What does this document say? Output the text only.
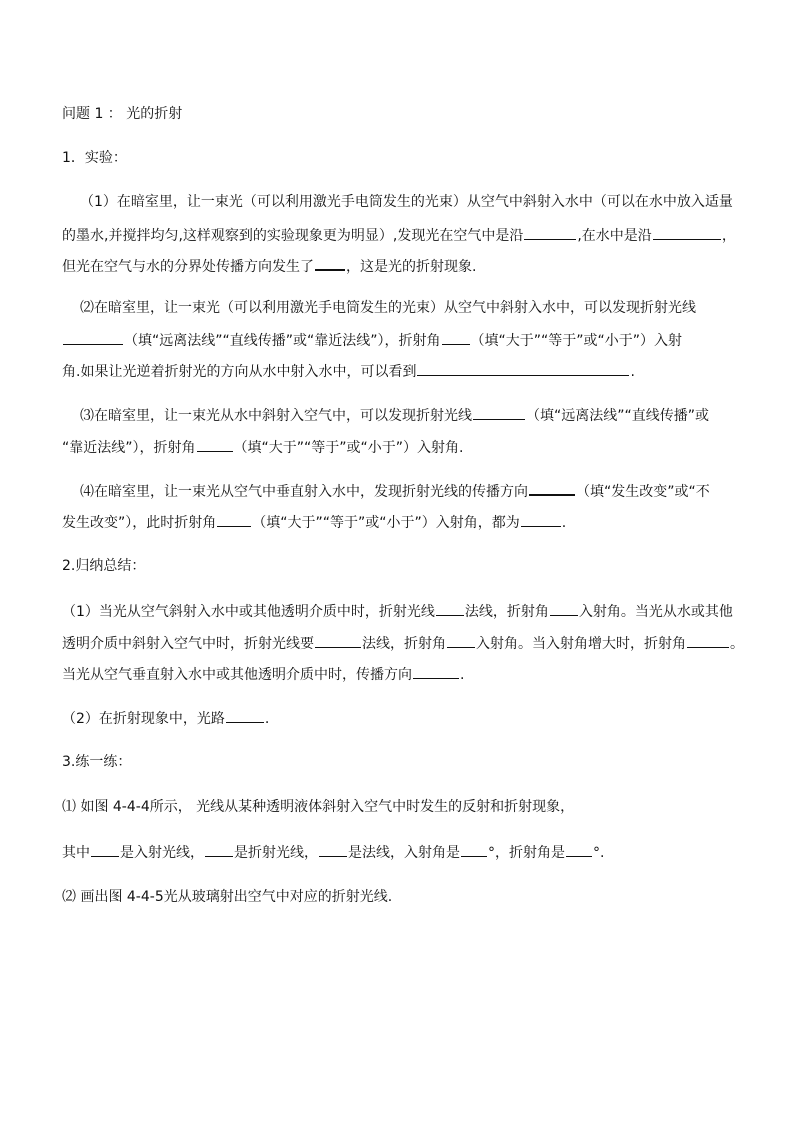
问题 1 ： 光的折射
1．实验：
（1）在暗室里，让一束光（可以利用激光手电筒发生的光束）从空气中斜射入水中（可以在水中放入适量
的墨水,并搅拌均匀,这样观察到的实验现象更为明显）,发现光在空气中是沿	,在水中是沿	，
但光在空气与水的分界处传播方向发生了 ，这是光的折射现象.
⑵在暗室里，让一束光（可以利用激光手电筒发生的光束）从空气中斜射入水中，可以发现折射光线
（填“远离法线”“直线传播”或“靠近法线”），折射角 （填“大于”“等于”或“小于”）入射
角.如果让光逆着折射光的方向从水中射入水中，可以看到	.
⑶在暗室里，让一束光从水中斜射入空气中，可以发现折射光线	（填“远离法线”“直线传播”或
“靠近法线”），折射角	（填“大于”“等于”或“小于”）入射角.
⑷在暗室里，让一束光从空气中垂直射入水中，发现折射光线的传播方向	（填“发生改变”或“不
发生改变”），此时折射角	（填“大于”“等于”或“小于”）入射角，都为	.
2.归纳总结：
（1）当光从空气斜射入水中或其他透明介质中时，折射光线 法线，折射角 入射角。当光从水或其他
透明介质中斜射入空气中时，折射光线要	法线，折射角 入射角。当入射角增大时，折射角	。
当光从空气垂直射入水中或其他透明介质中时，传播方向	.
（2）在折射现象中，光路	.
3.练一练：
⑴ 如图 4-4-4所示， 光线从某种透明液体斜射入空气中时发生的反射和折射现象，
其中 是入射光线， 是折射光线， 是法线，入射角是 °，折射角是 °.
⑵ 画出图 4-4-5光从玻璃射出空气中对应的折射光线.
